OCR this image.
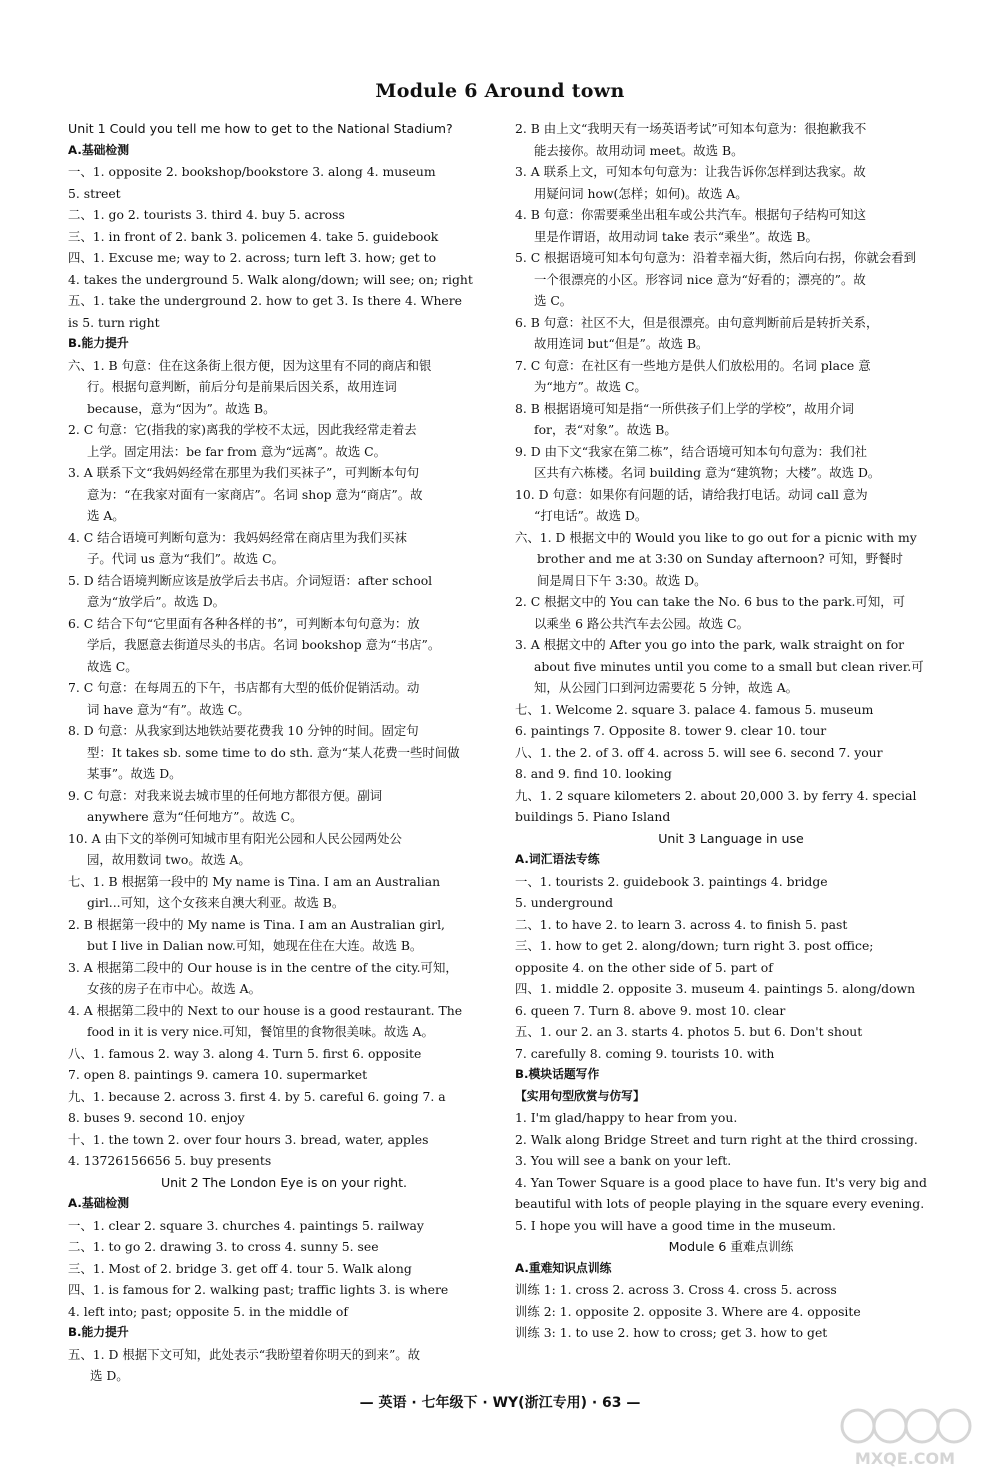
Module 6 Around town
Unit 1 Could you tell me how to get to the National Stadium?
A.基础检测
一、1. opposite 2. bookshop/bookstore 3. along 4. museum
5. street
二、1. go 2. tourists 3. third 4. buy 5. across
三、1. in front of 2. bank 3. policemen 4. take 5. guidebook
四、1. Excuse me; way to 2. across; turn left 3. how; get to
4. takes the underground 5. Walk along/down; will see; on; right
五、1. take the underground 2. how to get 3. Is there 4. Where
is 5. turn right
B.能力提升
六、1. B 句意：住在这条街上很方便，因为这里有不同的商店和银
行。根据句意判断，前后分句是前果后因关系，故用连词
because，意为“因为”。故选 B。
2. C 句意：它(指我的家)离我的学校不太远，因此我经常走着去
上学。固定用法：be far from 意为“远离”。故选 C。
3. A 联系下文“我妈妈经常在那里为我们买袜子”，可判断本句句
意为：“在我家对面有一家商店”。名词 shop 意为“商店”。故
选 A。
4. C 结合语境可判断句意为：我妈妈经常在商店里为我们买袜
子。代词 us 意为“我们”。故选 C。
5. D 结合语境判断应该是放学后去书店。介词短语：after school
意为“放学后”。故选 D。
6. C 结合下句“它里面有各种各样的书”，可判断本句句意为：放
学后，我愿意去街道尽头的书店。名词 bookshop 意为“书店”。
故选 C。
7. C 句意：在每周五的下午，书店都有大型的低价促销活动。动
词 have 意为“有”。故选 C。
8. D 句意：从我家到达地铁站要花费我 10 分钟的时间。固定句
型：It takes sb. some time to do sth. 意为“某人花费一些时间做
某事”。故选 D。
9. C 句意：对我来说去城市里的任何地方都很方便。副词
anywhere 意为“任何地方”。故选 C。
10. A 由下文的举例可知城市里有阳光公园和人民公园两处公
园，故用数词 two。故选 A。
七、1. B 根据第一段中的 My name is Tina. I am an Australian
girl...可知，这个女孩来自澳大利亚。故选 B。
2. B 根据第一段中的 My name is Tina. I am an Australian girl,
but I live in Dalian now.可知，她现在住在大连。故选 B。
3. A 根据第二段中的 Our house is in the centre of the city.可知，
女孩的房子在市中心。故选 A。
4. A 根据第二段中的 Next to our house is a good restaurant. The
food in it is very nice.可知，餐馆里的食物很美味。故选 A。
八、1. famous 2. way 3. along 4. Turn 5. first 6. opposite
7. open 8. paintings 9. camera 10. supermarket
九、1. because 2. across 3. first 4. by 5. careful 6. going 7. a
8. buses 9. second 10. enjoy
十、1. the town 2. over four hours 3. bread, water, apples
4. 13726156656 5. buy presents
Unit 2 The London Eye is on your right.
A.基础检测
一、1. clear 2. square 3. churches 4. paintings 5. railway
二、1. to go 2. drawing 3. to cross 4. sunny 5. see
三、1. Most of 2. bridge 3. get off 4. tour 5. Walk along
四、1. is famous for 2. walking past; traffic lights 3. is where
4. left into; past; opposite 5. in the middle of
B.能力提升
五、1. D 根据下文可知，此处表示“我盼望着你明天的到来”。故
选 D。
2. B 由上文“我明天有一场英语考试”可知本句意为：很抱歉我不
能去接你。故用动词 meet。故选 B。
3. A 联系上文，可知本句句意为：让我告诉你怎样到达我家。故
用疑问词 how(怎样；如何)。故选 A。
4. B 句意：你需要乘坐出租车或公共汽车。根据句子结构可知这
里是作谓语，故用动词 take 表示“乘坐”。故选 B。
5. C 根据语境可知本句句意为：沿着幸福大街，然后向右拐，你就会看到
一个很漂亮的小区。形容词 nice 意为“好看的；漂亮的”。故
选 C。
6. B 句意：社区不大，但是很漂亮。由句意判断前后是转折关系，
故用连词 but“但是”。故选 B。
7. C 句意：在社区有一些地方是供人们放松用的。名词 place 意
为“地方”。故选 C。
8. B 根据语境可知是指“一所供孩子们上学的学校”，故用介词
for，表“对象”。故选 B。
9. D 由下文“我家在第二栋”，结合语境可知本句句意为：我们社
区共有六栋楼。名词 building 意为“建筑物；大楼”。故选 D。
10. D 句意：如果你有问题的话，请给我打电话。动词 call 意为
“打电话”。故选 D。
六、1. D 根据文中的 Would you like to go out for a picnic with my
brother and me at 3:30 on Sunday afternoon? 可知，野餐时
间是周日下午 3:30。故选 D。
2. C 根据文中的 You can take the No. 6 bus to the park.可知，可
以乘坐 6 路公共汽车去公园。故选 C。
3. A 根据文中的 After you go into the park, walk straight on for
about five minutes until you come to a small but clean river.可
知，从公园门口到河边需要花 5 分钟，故选 A。
七、1. Welcome 2. square 3. palace 4. famous 5. museum
6. paintings 7. Opposite 8. tower 9. clear 10. tour
八、1. the 2. of 3. off 4. across 5. will see 6. second 7. your
8. and 9. find 10. looking
九、1. 2 square kilometers 2. about 20,000 3. by ferry 4. special
buildings 5. Piano Island
Unit 3 Language in use
A.词汇语法专练
一、1. tourists 2. guidebook 3. paintings 4. bridge
5. underground
二、1. to have 2. to learn 3. across 4. to finish 5. past
三、1. how to get 2. along/down; turn right 3. post office;
opposite 4. on the other side of 5. part of
四、1. middle 2. opposite 3. museum 4. paintings 5. along/down
6. queen 7. Turn 8. above 9. most 10. clear
五、1. our 2. an 3. starts 4. photos 5. but 6. Don't shout
7. carefully 8. coming 9. tourists 10. with
B.模块话题写作
【实用句型欣赏与仿写】
1. I'm glad/happy to hear from you.
2. Walk along Bridge Street and turn right at the third crossing.
3. You will see a bank on your left.
4. Yan Tower Square is a good place to have fun. It's very big and
beautiful with lots of people playing in the square every evening.
5. I hope you will have a good time in the museum.
Module 6 重难点训练
A.重难知识点训练
训练 1: 1. cross 2. across 3. Cross 4. cross 5. across
训练 2: 1. opposite 2. opposite 3. Where are 4. opposite
训练 3: 1. to use 2. how to cross; get 3. how to get
— 英语 · 七年级下 · WY(浙江专用) · 63 —
MXQE.COM
